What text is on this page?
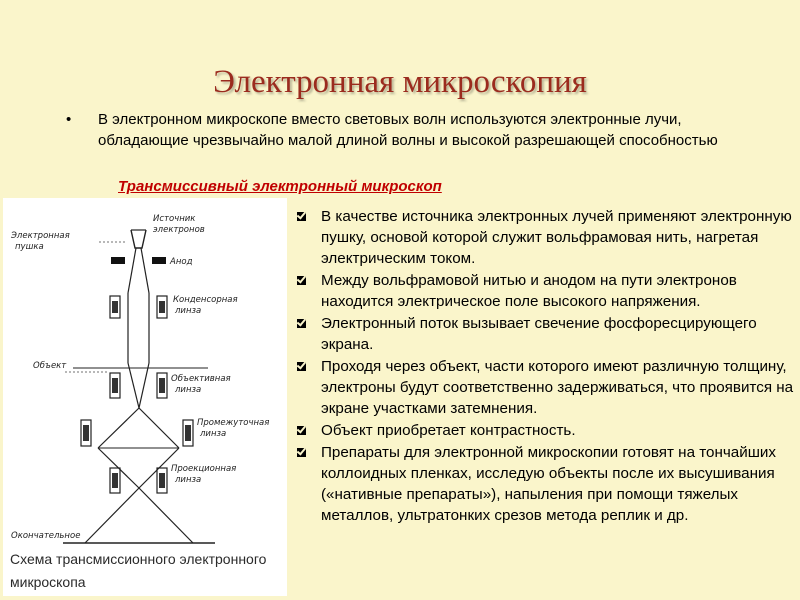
Электронная микроскопия
• В электронном микроскопе вместо световых волн используются электронные лучи, обладающие чрезвычайно малой длиной волны и высокой разрешающей способностью
Трансмиссивный электронный микроскоп
Электронная
пушка
Источник
электронов
Анод
Конденсорная
линза
Объект
Объективная
линза
Промежуточная
линза
Проекционная
линза
Окончательное
Схема трансмиссионного электронного микроскопа
В качестве источника электронных лучей применяют электронную пушку, основой которой служит вольфрамовая нить, нагретая электрическим током.
Между вольфрамовой нитью и анодом на пути электронов находится электрическое поле высокого напряжения.
Электронный поток вызывает свечение фосфоресцирующего экрана.
Проходя через объект, части которого имеют различную толщину, электроны будут соответственно задерживаться, что проявится на экране участками затемнения.
Объект приобретает контрастность.
Препараты для электронной микроскопии готовят на тончайших коллоидных пленках, исследую объекты после их высушивания («нативные препараты»), напыления при помощи тяжелых металлов, ультратонких срезов метода реплик и др.
